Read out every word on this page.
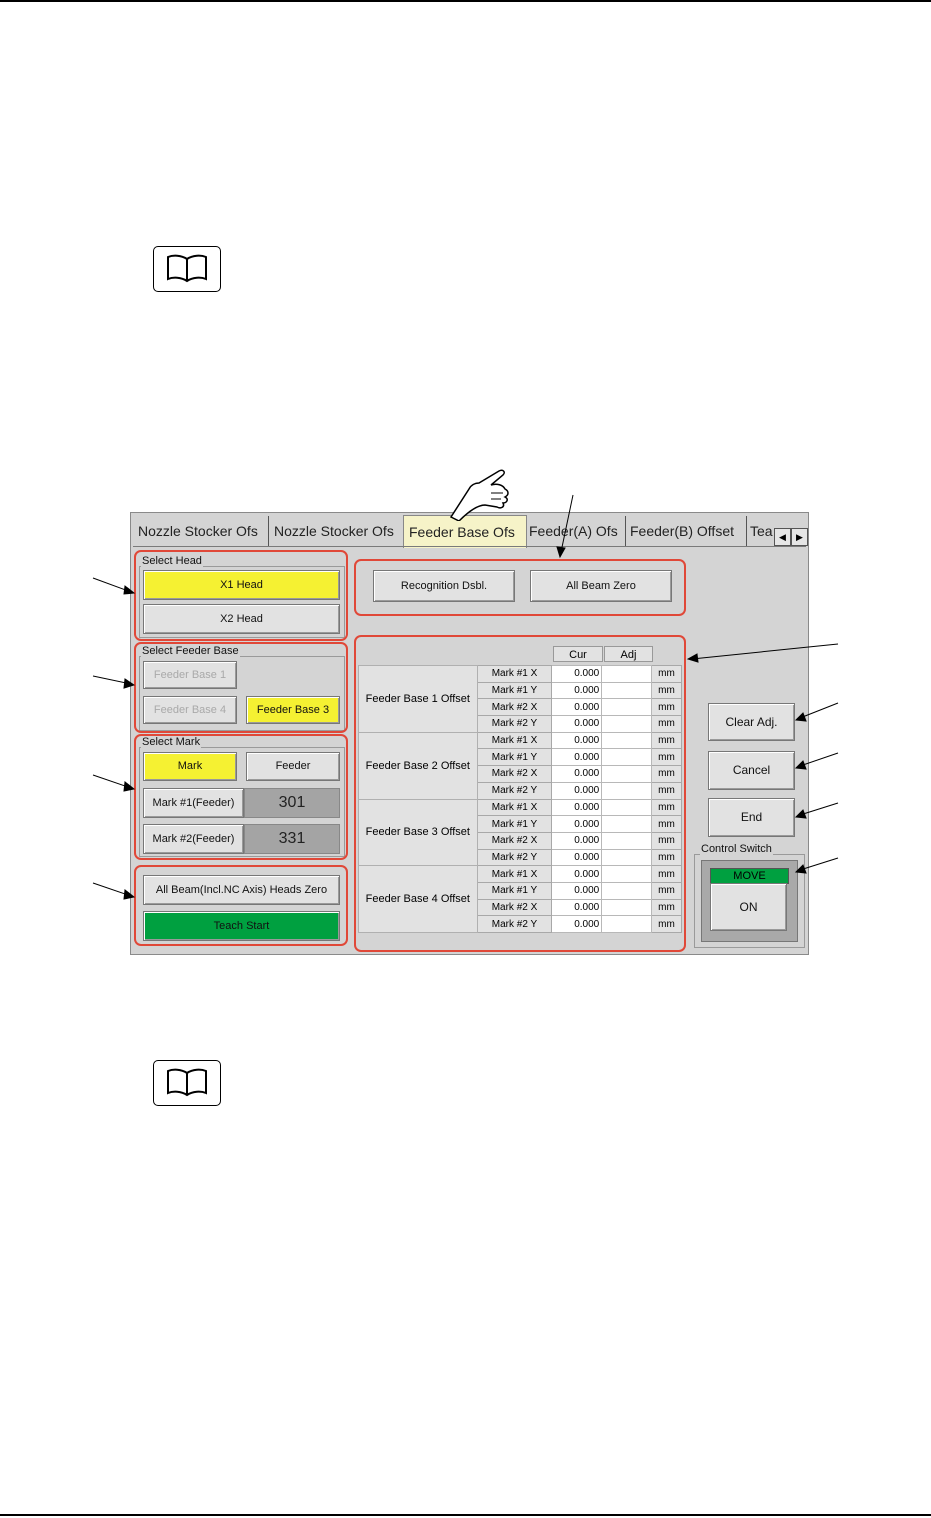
Nozzle Stocker Ofs	Nozzle Stocker Ofs	Feeder Base Ofs	Feeder(A) Ofs Feeder(B) Offset	Tea ◀	▶
Select Head
X1 Head
X2 Head
Select Feeder Base
Feeder Base 1
Feeder Base 4	Feeder Base 3
Select Mark
Mark	Feeder
Mark #1(Feeder)	301
Mark #2(Feeder)	331
All Beam(Incl.NC Axis) Heads Zero
Teach Start
Recognition Dsbl.	All Beam Zero
Cur	Adj
Feeder Base 1 Offset	Mark #1 X	0.000		mm
	Mark #1 Y	0.000		mm
	Mark #2 X	0.000		mm
	Mark #2 Y	0.000		mm
Feeder Base 2 Offset	Mark #1 X	0.000		mm
	Mark #1 Y	0.000		mm
	Mark #2 X	0.000		mm
	Mark #2 Y	0.000		mm
Feeder Base 3 Offset	Mark #1 X	0.000		mm
	Mark #1 Y	0.000		mm
	Mark #2 X	0.000		mm
	Mark #2 Y	0.000		mm
Feeder Base 4 Offset	Mark #1 X	0.000		mm
	Mark #1 Y	0.000		mm
	Mark #2 X	0.000		mm
	Mark #2 Y	0.000		mm
Clear Adj.
Cancel
End
Control Switch
MOVE
ON
